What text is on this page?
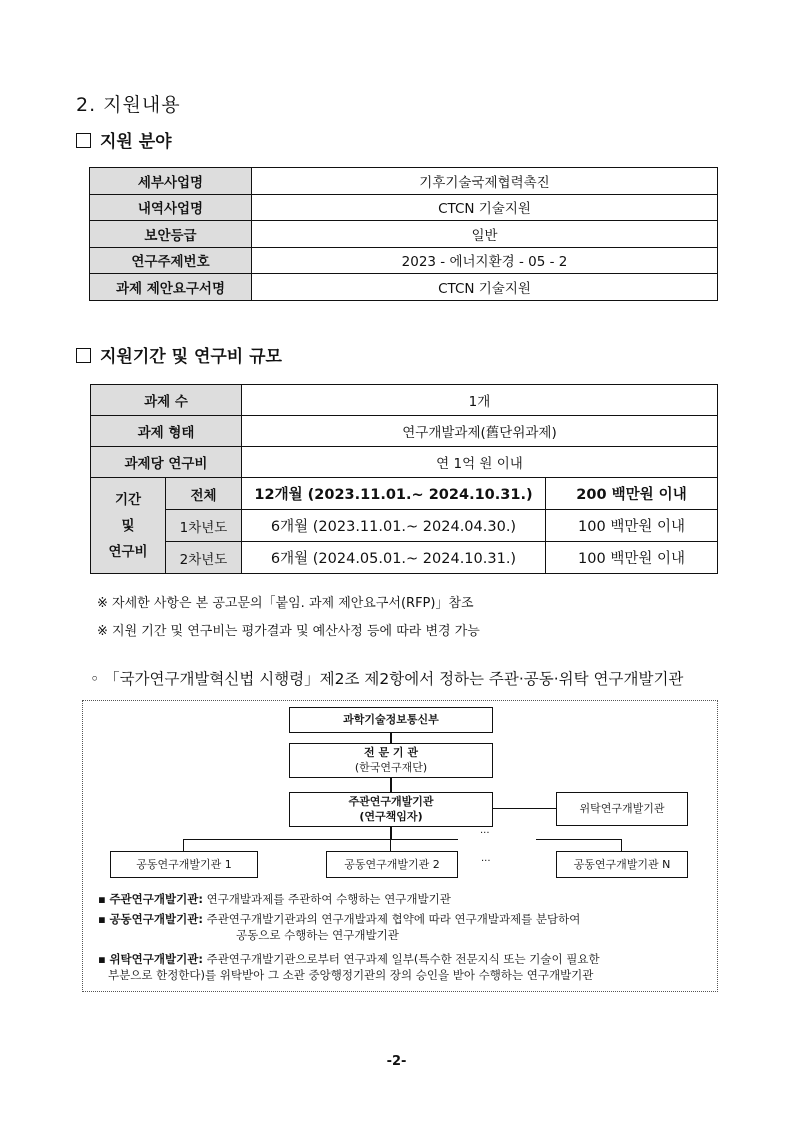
2. 지원내용
지원 분야
세부사업명	기후기술국제협력촉진
내역사업명	CTCN 기술지원
보안등급	일반
연구주제번호	2023 - 에너지환경 - 05 - 2
과제 제안요구서명	CTCN 기술지원
지원기간 및 연구비 규모
과제 수		1개	
과제 형태		연구개발과제(舊단위과제)	
과제당 연구비		연 1억 원 이내	
기간
및
연구비	전체	12개월 (2023.11.01.~ 2024.10.31.)	200 백만원 이내
	1차년도	6개월 (2023.11.01.~ 2024.04.30.)	100 백만원 이내
	2차년도	6개월 (2024.05.01.~ 2024.10.31.)	100 백만원 이내
※ 자세한 사항은 본 공고문의「붙임. 과제 제안요구서(RFP)」참조
※ 지원 기간 및 연구비는 평가결과 및 예산사정 등에 따라 변경 가능
◦ 「국가연구개발혁신법 시행령」제2조 제2항에서 정하는 주관·공동·위탁 연구개발기관
과학기술정보통신부
전 문 기 관
(한국연구재단)
주관연구개발기관
(연구책임자)
위탁연구개발기관
···
공동연구개발기관 1	공동연구개발기관 2	···	공동연구개발기관 N
▪ 주관연구개발기관: 연구개발과제를 주관하여 수행하는 연구개발기관
▪ 공동연구개발기관: 주관연구개발기관과의 연구개발과제 협약에 따라 연구개발과제를 분담하여
공동으로 수행하는 연구개발기관
▪ 위탁연구개발기관: 주관연구개발기관으로부터 연구과제 일부(특수한 전문지식 또는 기술이 필요한
부분으로 한정한다)를 위탁받아 그 소관 중앙행정기관의 장의 승인을 받아 수행하는 연구개발기관
-2-
